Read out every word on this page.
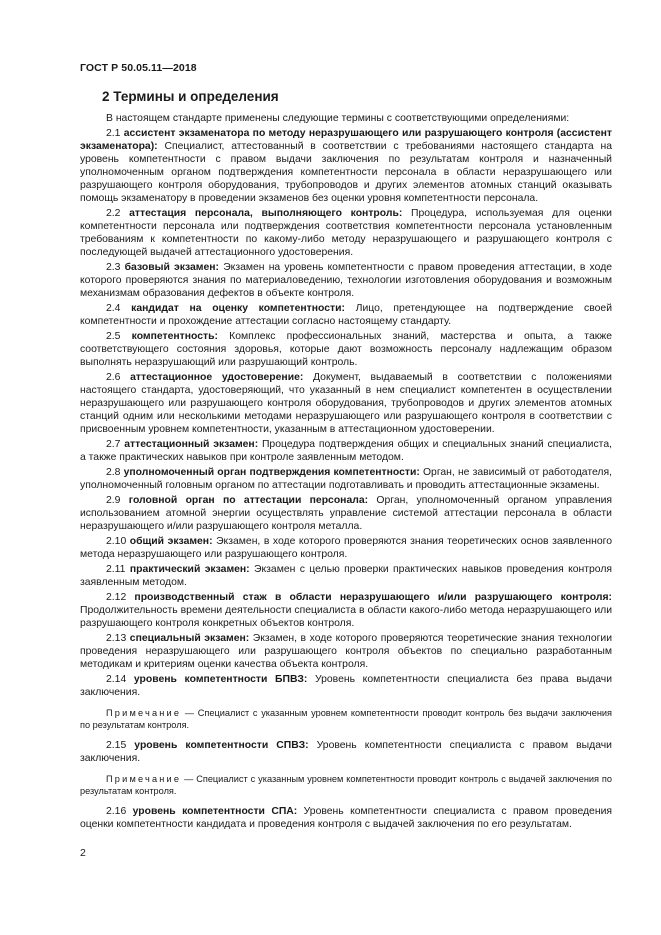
ГОСТ Р 50.05.11—2018
2 Термины и определения

В настоящем стандарте применены следующие термины с соответствующими определениями:

2.1 ассистент экзаменатора по методу неразрушающего или разрушающего контроля (ассистент экзаменатора): Специалист, аттестованный в соответствии с требованиями настоящего стандарта на уровень компетентности с правом выдачи заключения по результатам контроля и назначенный уполномоченным органом подтверждения компетентности персонала в области неразрушающего или разрушающего контроля оборудования, трубопроводов и других элементов атомных станций оказывать помощь экзаменатору в проведении экзаменов без оценки уровня компетентности персонала.

2.2 аттестация персонала, выполняющего контроль: Процедура, используемая для оценки компетентности персонала или подтверждения соответствия компетентности персонала установленным требованиям к компетентности по какому-либо методу неразрушающего и разрушающего контроля с последующей выдачей аттестационного удостоверения.

2.3 базовый экзамен: Экзамен на уровень компетентности с правом проведения аттестации, в ходе которого проверяются знания по материаловедению, технологии изготовления оборудования и возможным механизмам образования дефектов в объекте контроля.

2.4 кандидат на оценку компетентности: Лицо, претендующее на подтверждение своей компетентности и прохождение аттестации согласно настоящему стандарту.

2.5 компетентность: Комплекс профессиональных знаний, мастерства и опыта, а также соответствующего состояния здоровья, которые дают возможность персоналу надлежащим образом выполнять неразрушающий или разрушающий контроль.

2.6 аттестационное удостоверение: Документ, выдаваемый в соответствии с положениями настоящего стандарта, удостоверяющий, что указанный в нем специалист компетентен в осуществлении неразрушающего или разрушающего контроля оборудования, трубопроводов и других элементов атомных станций одним или несколькими методами неразрушающего или разрушающего контроля в соответствии с присвоенным уровнем компетентности, указанным в аттестационном удостоверении.

2.7 аттестационный экзамен: Процедура подтверждения общих и специальных знаний специалиста, а также практических навыков при контроле заявленным методом.

2.8 уполномоченный орган подтверждения компетентности: Орган, не зависимый от работодателя, уполномоченный головным органом по аттестации подготавливать и проводить аттестационные экзамены.

2.9 головной орган по аттестации персонала: Орган, уполномоченный органом управления использованием атомной энергии осуществлять управление системой аттестации персонала в области неразрушающего и/или разрушающего контроля металла.

2.10 общий экзамен: Экзамен, в ходе которого проверяются знания теоретических основ заявленного метода неразрушающего или разрушающего контроля.

2.11 практический экзамен: Экзамен с целью проверки практических навыков проведения контроля заявленным методом.

2.12 производственный стаж в области неразрушающего и/или разрушающего контроля: Продолжительность времени деятельности специалиста в области какого-либо метода неразрушающего или разрушающего контроля конкретных объектов контроля.

2.13 специальный экзамен: Экзамен, в ходе которого проверяются теоретические знания технологии проведения неразрушающего или разрушающего контроля объектов по специально разработанным методикам и критериям оценки качества объекта контроля.

2.14 уровень компетентности БПВЗ: Уровень компетентности специалиста без права выдачи заключения.

Примечание — Специалист с указанным уровнем компетентности проводит контроль без выдачи заключения по результатам контроля.

2.15 уровень компетентности СПВЗ: Уровень компетентности специалиста с правом выдачи заключения.

Примечание — Специалист с указанным уровнем компетентности проводит контроль с выдачей заключения по результатам контроля.

2.16 уровень компетентности СПА: Уровень компетентности специалиста с правом проведения оценки компетентности кандидата и проведения контроля с выдачей заключения по его результатам.

2
